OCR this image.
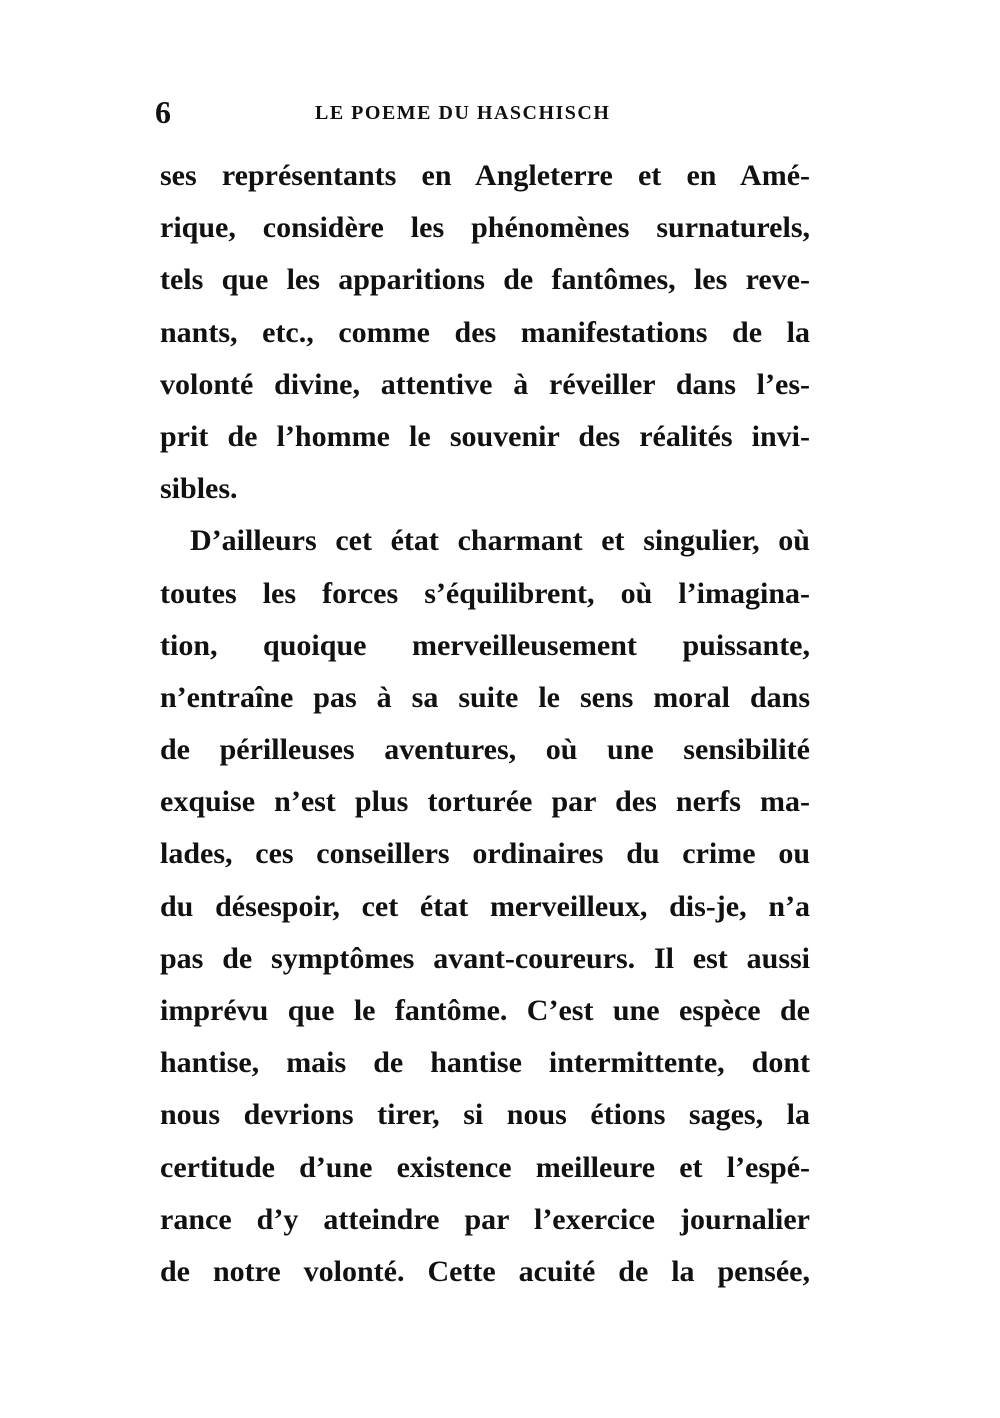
6	LE POEME DU HASCHISCH
ses représentants en Angleterre et en Amé-
rique, considère les phénomènes surnaturels,
tels que les apparitions de fantômes, les reve-
nants, etc., comme des manifestations de la
volonté divine, attentive à réveiller dans l’es-
prit de l’homme le souvenir des réalités invi-
sibles.
D’ailleurs cet état charmant et singulier, où
toutes les forces s’équilibrent, où l’imagina-
tion, quoique merveilleusement puissante,
n’entraîne pas à sa suite le sens moral dans
de périlleuses aventures, où une sensibilité
exquise n’est plus torturée par des nerfs ma-
lades, ces conseillers ordinaires du crime ou
du désespoir, cet état merveilleux, dis-je, n’a
pas de symptômes avant-coureurs. Il est aussi
imprévu que le fantôme. C’est une espèce de
hantise, mais de hantise intermittente, dont
nous devrions tirer, si nous étions sages, la
certitude d’une existence meilleure et l’espé-
rance d’y atteindre par l’exercice journalier
de notre volonté. Cette acuité de la pensée,
